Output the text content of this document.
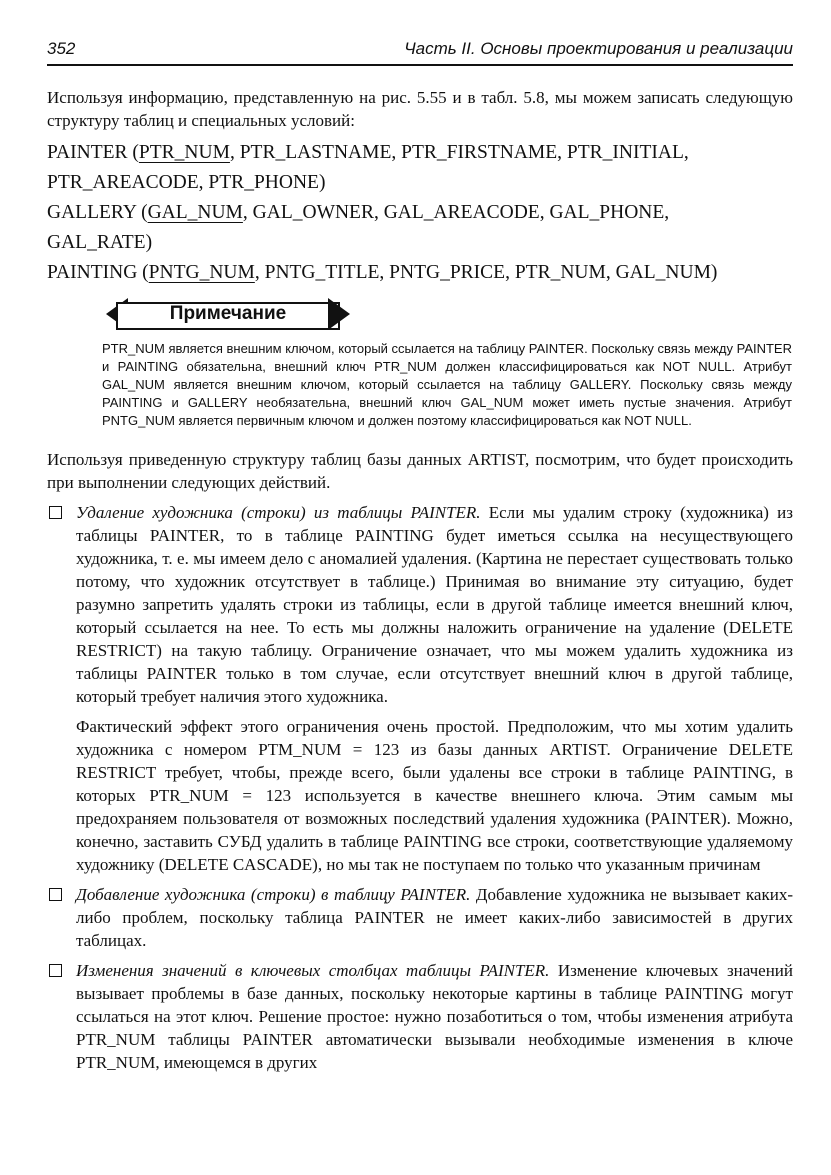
352	Часть II. Основы проектирования и реализации

Используя информацию, представленную на рис. 5.55 и в табл. 5.8, мы можем записать следующую структуру таблиц и специальных условий:

PAINTER (PTR_NUM, PTR_LASTNAME, PTR_FIRSTNAME, PTR_INITIAL,

PTR_AREACODE, PTR_PHONE)

GALLERY (GAL_NUM, GAL_OWNER, GAL_AREACODE, GAL_PHONE,

GAL_RATE)

PAINTING (PNTG_NUM, PNTG_TITLE, PNTG_PRICE, PTR_NUM, GAL_NUM)

Примечание
PTR_NUM является внешним ключом, который ссылается на таблицу PAINTER. Поскольку связь между PAINTER и PAINTING обязательна, внешний ключ PTR_NUM должен классифицироваться как NOT NULL. Атрибут GAL_NUM является внешним ключом, который ссылается на таблицу GALLERY. Поскольку связь между PAINTING и GALLERY необязательна, внешний ключ GAL_NUM может иметь пустые значения. Атрибут PNTG_NUM является первичным ключом и должен поэтому классифицироваться как NOT NULL.

Используя приведенную структуру таблиц базы данных ARTIST, посмотрим, что будет происходить при выполнении следующих действий.

Удаление художника (строки) из таблицы PAINTER. Если мы удалим строку (художника) из таблицы PAINTER, то в таблице PAINTING будет иметься ссылка на несуществующего художника, т. е. мы имеем дело с аномалией удаления. (Картина не перестает существовать только потому, что художник отсутствует в таблице.) Принимая во внимание эту ситуацию, будет разумно запретить удалять строки из таблицы, если в другой таблице имеется внешний ключ, который ссылается на нее. То есть мы должны наложить ограничение на удаление (DELETE RESTRICT) на такую таблицу. Ограничение означает, что мы можем удалить художника из таблицы PAINTER только в том случае, если отсутствует внешний ключ в другой таблице, который требует наличия этого художника.

Фактический эффект этого ограничения очень простой. Предположим, что мы хотим удалить художника с номером PTM_NUM = 123 из базы данных ARTIST. Ограничение DELETE RESTRICT требует, чтобы, прежде всего, были удалены все строки в таблице PAINTING, в которых PTR_NUM = 123 используется в качестве внешнего ключа. Этим самым мы предохраняем пользователя от возможных последствий удаления художника (PAINTER). Можно, конечно, заставить СУБД удалить в таблице PAINTING все строки, соответствующие удаляемому художнику (DELETE CASCADE), но мы так не поступаем по только что указанным причинам

Добавление художника (строки) в таблицу PAINTER. Добавление художника не вызывает каких-либо проблем, поскольку таблица PAINTER не имеет каких-либо зависимостей в других таблицах.
Изменения значений в ключевых столбцах таблицы PAINTER. Изменение ключевых значений вызывает проблемы в базе данных, поскольку некоторые картины в таблице PAINTING могут ссылаться на этот ключ. Решение простое: нужно позаботиться о том, чтобы изменения атрибута PTR_NUM таблицы PAINTER автоматически вызывали необходимые изменения в ключе PTR_NUM, имеющемся в других
